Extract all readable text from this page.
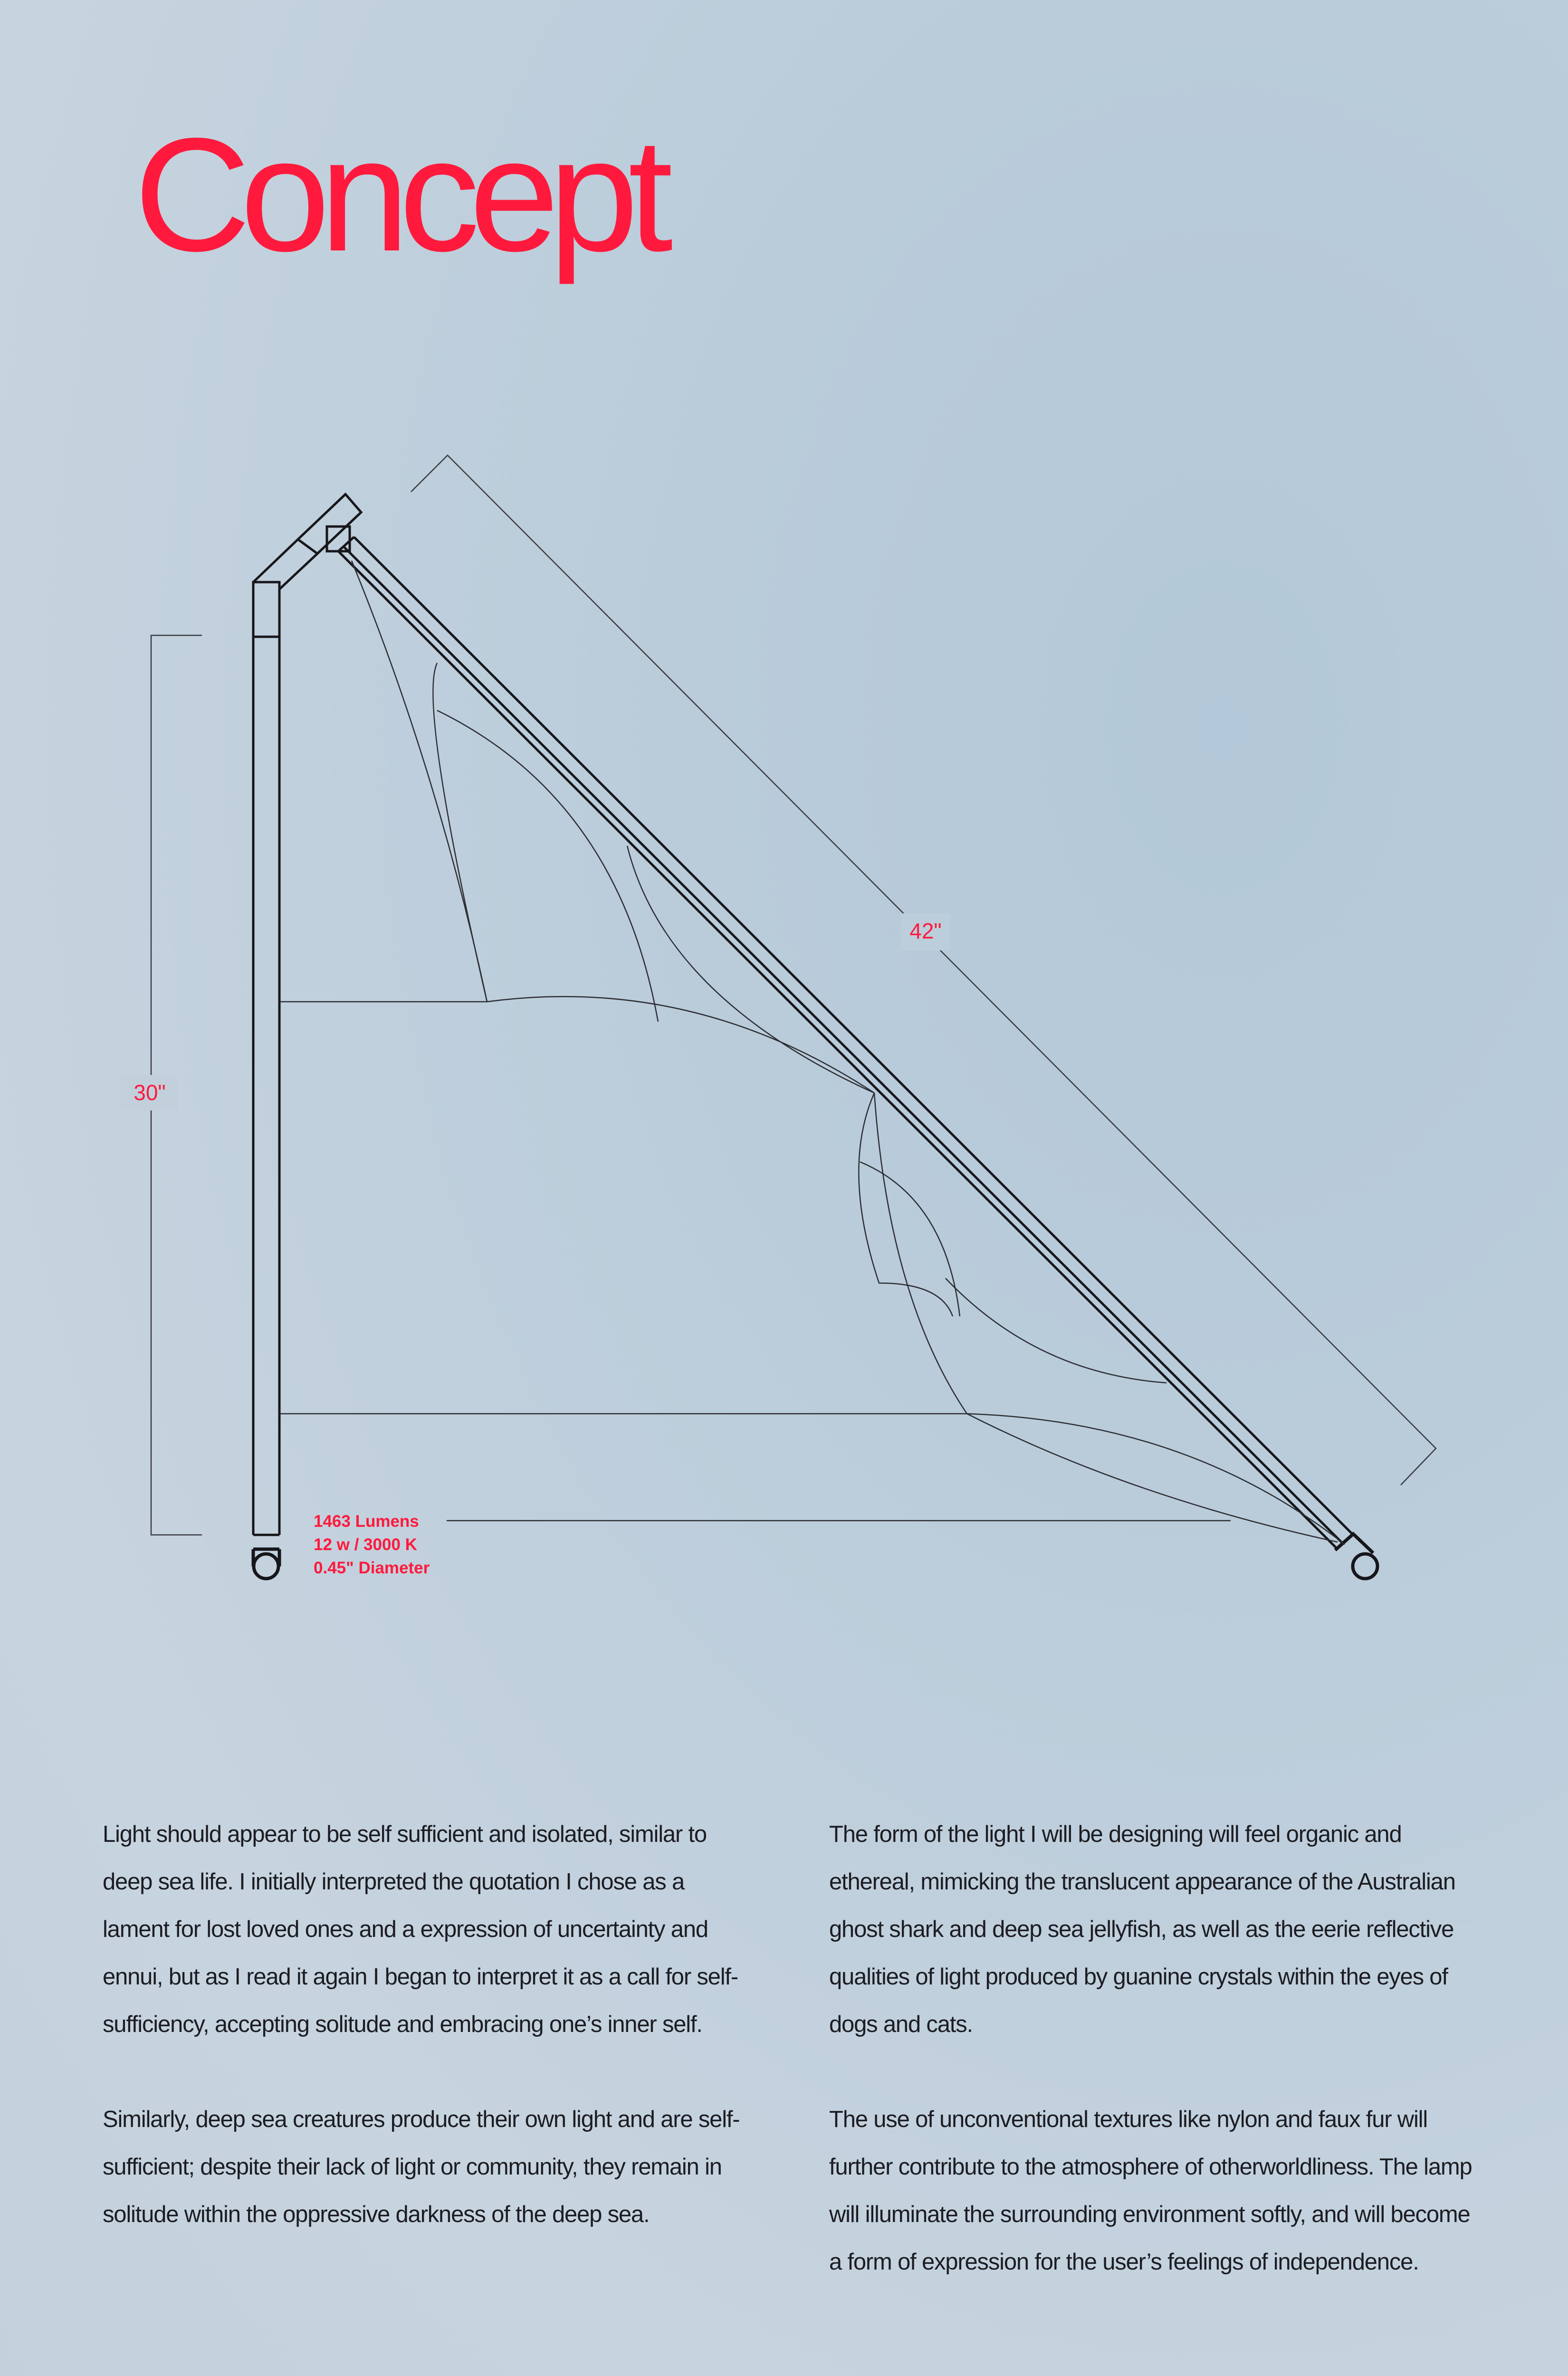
Concept
30"
42"
1463 Lumens
12 w / 3000 K
0.45" Diameter

Light should appear to be self sufficient and isolated, similar to deep sea life. I initially interpreted the quotation I chose as a lament for lost loved ones and a expression of uncertainty and ennui, but as I read it again I began to interpret it as a call for self-sufficiency, accepting solitude and embracing one’s inner self.

Similarly, deep sea creatures produce their own light and are self-sufficient; despite their lack of light or community, they remain in solitude within the oppressive darkness of the deep sea.

The form of the light I will be designing will feel organic and ethereal, mimicking the translucent appearance of the Australian ghost shark and deep sea jellyfish, as well as the eerie reflective qualities of light produced by guanine crystals within the eyes of dogs and cats.

The use of unconventional textures like nylon and faux fur will further contribute to the atmosphere of otherworldliness. The lamp will illuminate the surrounding environment softly, and will become a form of expression for the user’s feelings of independence.
